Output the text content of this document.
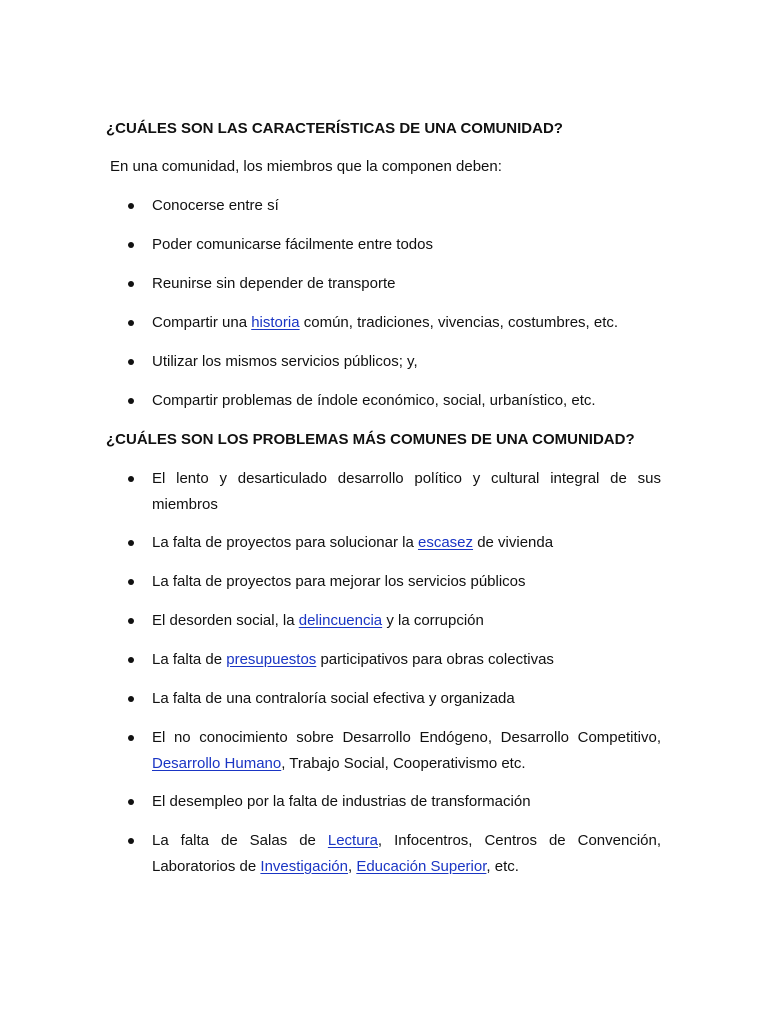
¿CUÁLES SON LAS CARACTERÍSTICAS DE UNA COMUNIDAD?
En una comunidad, los miembros que la componen deben:
Conocerse entre sí
Poder comunicarse fácilmente entre todos
Reunirse sin depender de transporte
Compartir una historia común, tradiciones, vivencias, costumbres, etc.
Utilizar los mismos servicios públicos; y,
Compartir problemas de índole económico, social, urbanístico, etc.
¿CUÁLES SON LOS PROBLEMAS MÁS COMUNES DE UNA COMUNIDAD?
El lento y desarticulado desarrollo político y cultural integral de sus miembros
La falta de proyectos para solucionar la escasez de vivienda
La falta de proyectos para mejorar los servicios públicos
El desorden social, la delincuencia y la corrupción
La falta de presupuestos participativos para obras colectivas
La falta de una contraloría social efectiva y organizada
El no conocimiento sobre Desarrollo Endógeno, Desarrollo Competitivo, Desarrollo Humano, Trabajo Social, Cooperativismo etc.
El desempleo por la falta de industrias de transformación
La falta de Salas de Lectura, Infocentros, Centros de Convención, Laboratorios de Investigación, Educación Superior, etc.
